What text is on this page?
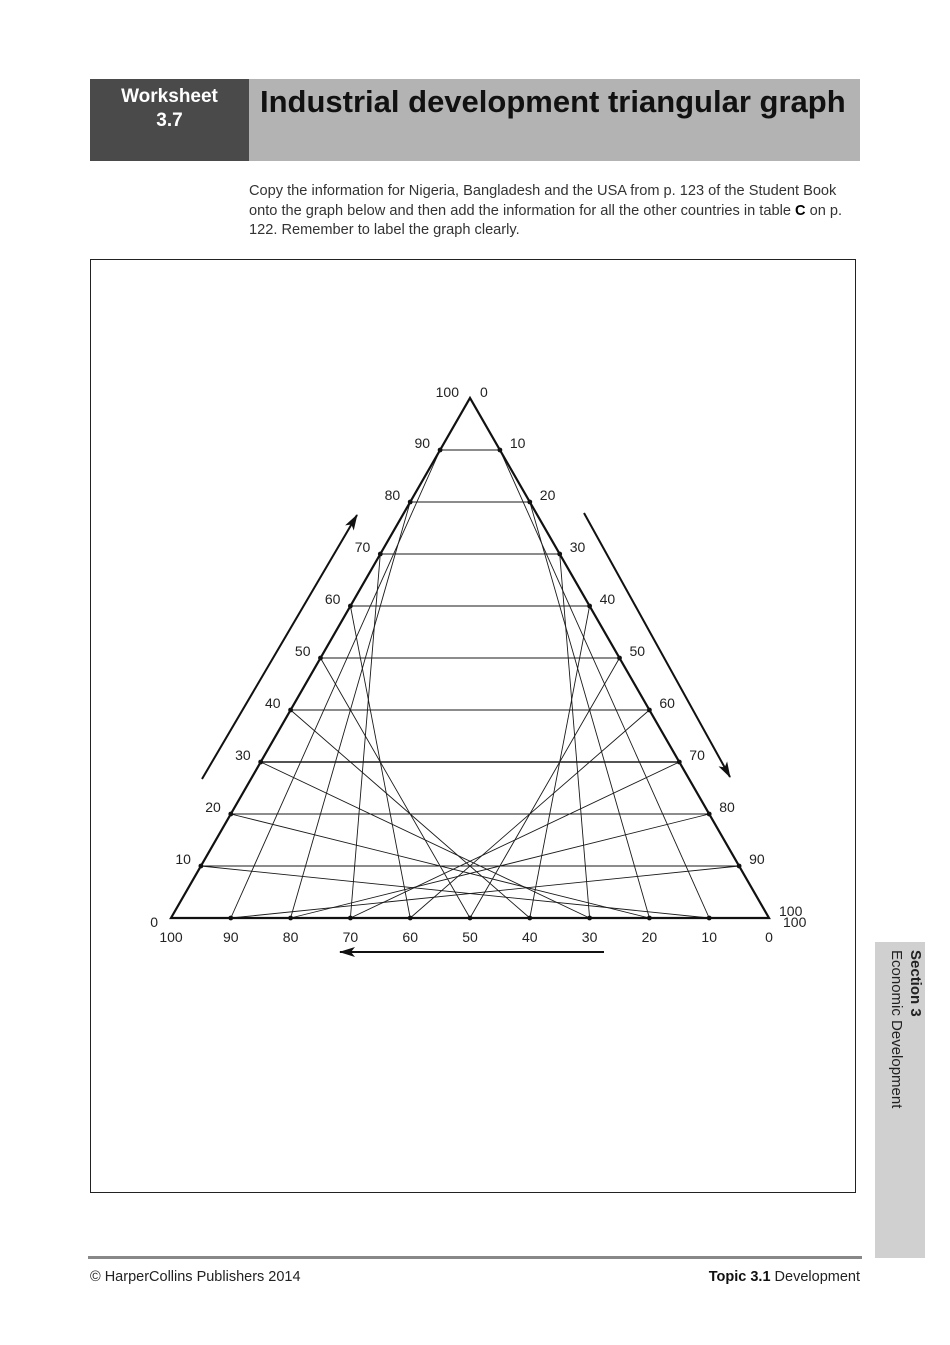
Worksheet
3.7
Industrial development triangular graph

Copy the information for Nigeria, Bangladesh and the USA from p. 123 of the Student Book onto the graph below and then add the information for all the other countries in table C on p. 122. Remember to label the graph clearly.

0
100
10
10
90
20
20
80
30
30
70
40
40
60
50	50
50
60
60
40
70
70
30
80
80
20
90
90
10
100
0
100 0
100
© HarperCollins Publishers 2014	Topic 3.1 Development
Section 3
Economic Development
